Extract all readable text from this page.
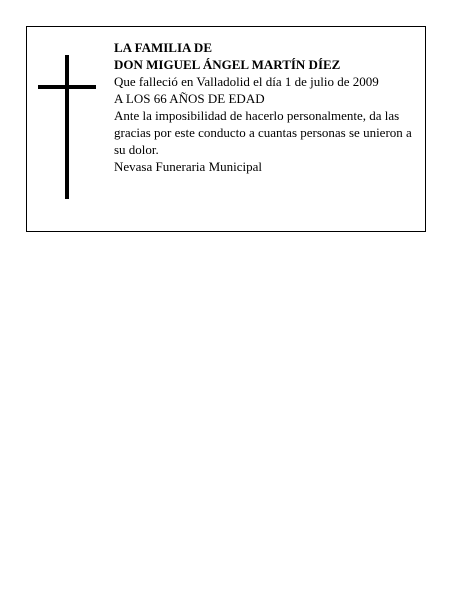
LA FAMILIA DE
DON MIGUEL ÁNGEL MARTÍN DÍEZ
Que falleció en Valladolid el día 1 de julio de 2009
A LOS 66 AÑOS DE EDAD
Ante la imposibilidad de hacerlo personalmente, da las gracias por este conducto a cuantas personas se unieron a su dolor.
Nevasa Funeraria Municipal
